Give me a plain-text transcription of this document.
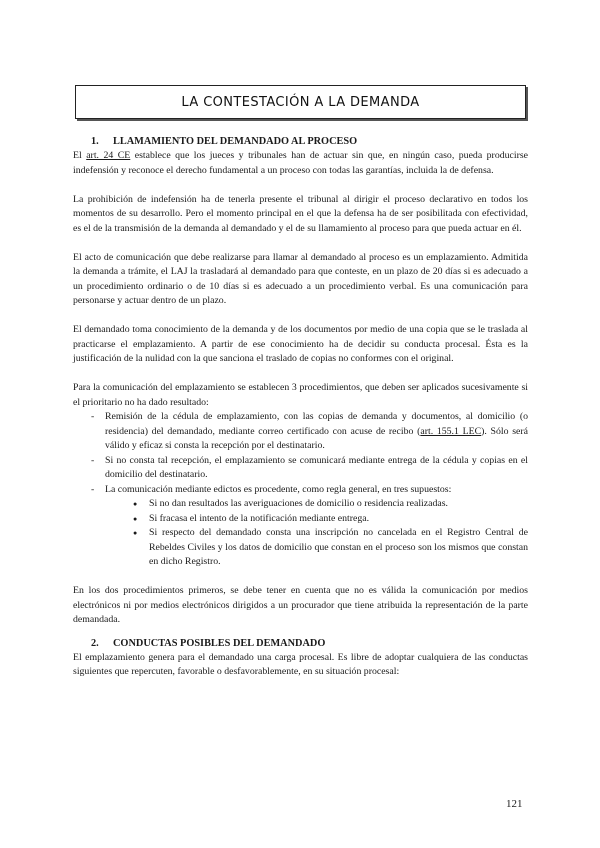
LA CONTESTACIÓN A LA DEMANDA
1. LLAMAMIENTO DEL DEMANDADO AL PROCESO

El art. 24 CE establece que los jueces y tribunales han de actuar sin que, en ningún caso, pueda producirse indefensión y reconoce el derecho fundamental a un proceso con todas las garantías, incluida la de defensa.

La prohibición de indefensión ha de tenerla presente el tribunal al dirigir el proceso declarativo en todos los momentos de su desarrollo. Pero el momento principal en el que la defensa ha de ser posibilitada con efectividad, es el de la transmisión de la demanda al demandado y el de su llamamiento al proceso para que pueda actuar en él.

El acto de comunicación que debe realizarse para llamar al demandado al proceso es un emplazamiento. Admitida la demanda a trámite, el LAJ la trasladará al demandado para que conteste, en un plazo de 20 días si es adecuado a un procedimiento ordinario o de 10 días si es adecuado a un procedimiento verbal. Es una comunicación para personarse y actuar dentro de un plazo.

El demandado toma conocimiento de la demanda y de los documentos por medio de una copia que se le traslada al practicarse el emplazamiento. A partir de ese conocimiento ha de decidir su conducta procesal. Ésta es la justificación de la nulidad con la que sanciona el traslado de copias no conformes con el original.

Para la comunicación del emplazamiento se establecen 3 procedimientos, que deben ser aplicados sucesivamente si el prioritario no ha dado resultado:

- Remisión de la cédula de emplazamiento, con las copias de demanda y documentos, al domicilio (o residencia) del demandado, mediante correo certificado con acuse de recibo (art. 155.1 LEC). Sólo será válido y eficaz si consta la recepción por el destinatario.
- Si no consta tal recepción, el emplazamiento se comunicará mediante entrega de la cédula y copias en el domicilio del destinatario.
- La comunicación mediante edictos es procedente, como regla general, en tres supuestos:
● Si no dan resultados las averiguaciones de domicilio o residencia realizadas.
● Si fracasa el intento de la notificación mediante entrega.
● Si respecto del demandado consta una inscripción no cancelada en el Registro Central de Rebeldes Civiles y los datos de domicilio que constan en el proceso son los mismos que constan en dicho Registro.

En los dos procedimientos primeros, se debe tener en cuenta que no es válida la comunicación por medios electrónicos ni por medios electrónicos dirigidos a un procurador que tiene atribuida la representación de la parte demandada.

2. CONDUCTAS POSIBLES DEL DEMANDADO

El emplazamiento genera para el demandado una carga procesal. Es libre de adoptar cualquiera de las conductas siguientes que repercuten, favorable o desfavorablemente, en su situación procesal:

121
